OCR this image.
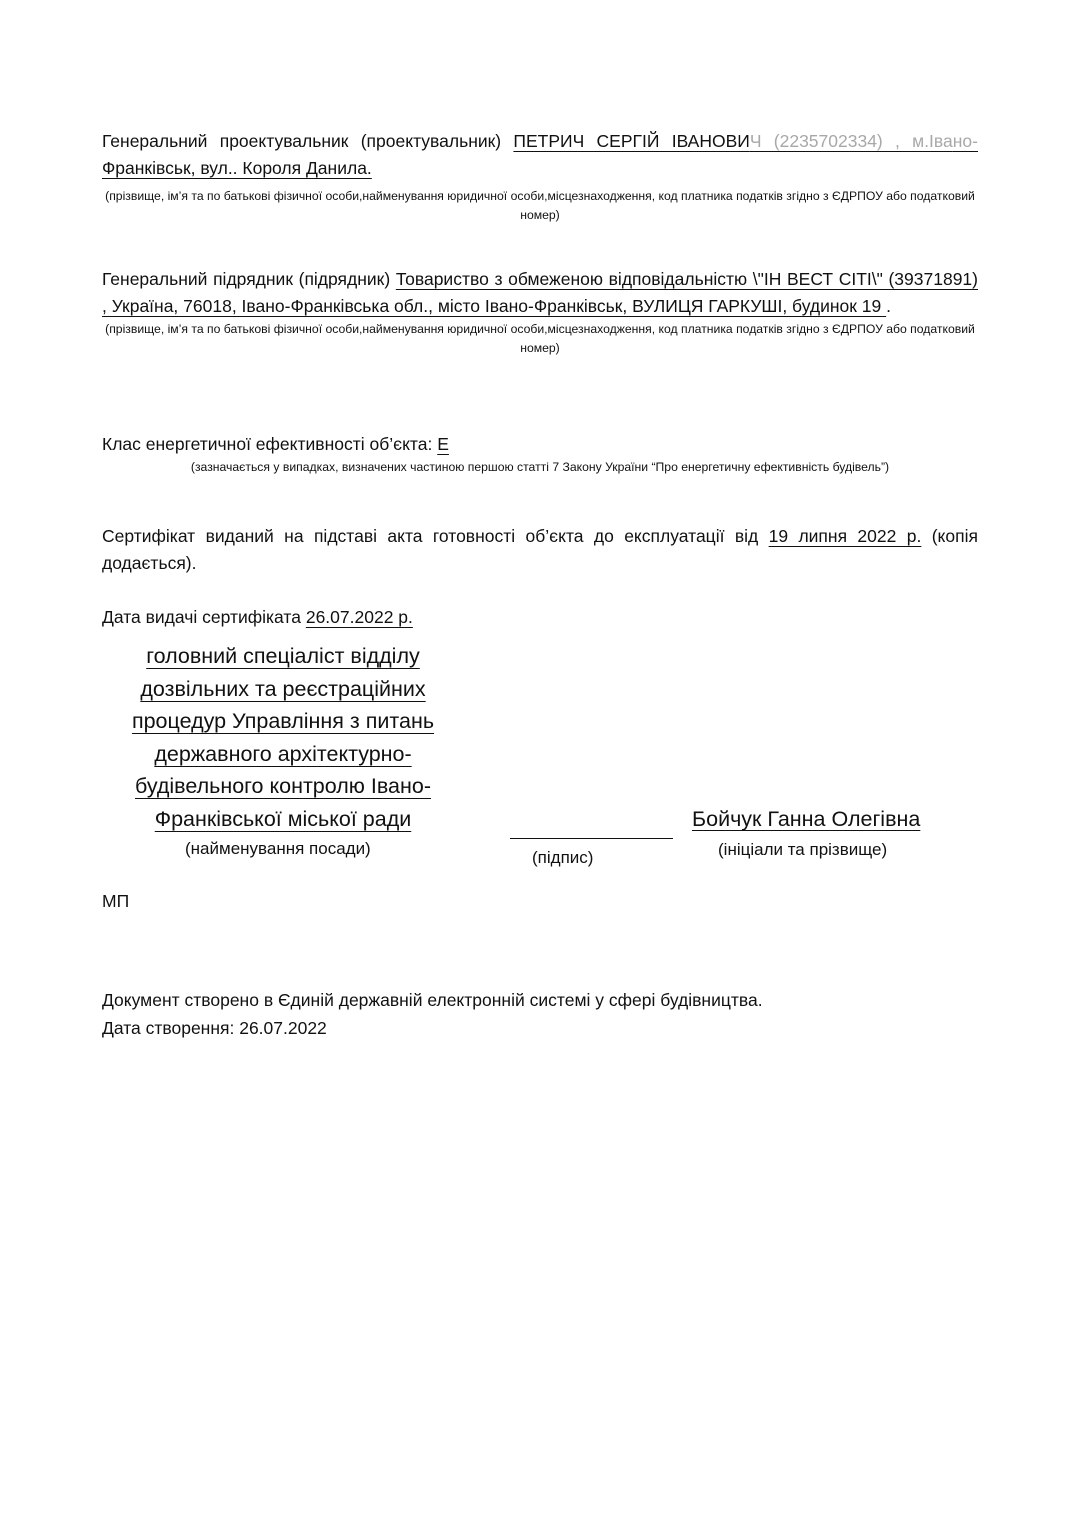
Генеральний проектувальник (проектувальник) ПЕТРИЧ СЕРГІЙ ІВАНОВИЧ (2235702334) , м.Івано- Франківськ, вул.. Короля Данила.

(прізвище, ім’я та по батькові фізичної особи,найменування юридичної особи,місцезнаходження, код платника податків згідно з ЄДРПОУ або податковий номер)

Генеральний підрядник (підрядник) Товариство з обмеженою відповідальністю \"ІН ВЕСТ СІТІ\" (39371891) , Україна, 76018, Івано-Франківська обл., місто Івано-Франківськ, ВУЛИЦЯ ГАРКУШІ, будинок 19 .

(прізвище, ім’я та по батькові фізичної особи,найменування юридичної особи,місцезнаходження, код платника податків згідно з ЄДРПОУ або податковий номер)

Клас енергетичної ефективності об’єкта: E

(зазначається у випадках, визначених частиною першою статті 7 Закону України “Про енергетичну ефективність будівель”)

Сертифікат виданий на підставі акта готовності об’єкта до експлуатації від 19 липня 2022 р. (копія додається).

Дата видачі сертифіката 26.07.2022 р.
головний спеціаліст відділу
дозвільних та реєстраційних
процедур Управління з питань
державного архітектурно-
будівельного контролю Івано-
Франківської міської ради
(найменування посади)	(підпис)
Бойчук Ганна Олегівна
(ініціали та прізвище)
МП
Документ створено в Єдиній державній електронній системі у сфері будівництва.
Дата створення: 26.07.2022
